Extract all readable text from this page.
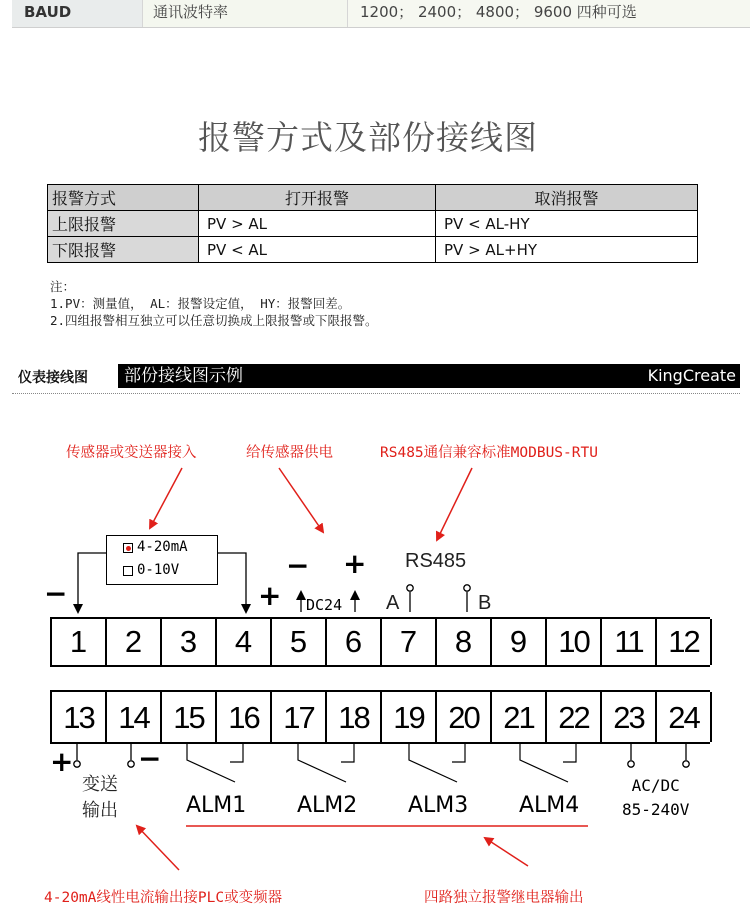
BAUD	通讯波特率	1200； 2400； 4800； 9600 四种可选
报警方式及部份接线图
报警方式	打开报警	取消报警
上限报警	PV > AL	PV < AL-HY
下限报警	PV < AL	PV > AL+HY
注：
1.PV：测量值， AL：报警设定值， HY：报警回差。
2.四组报警相互独立可以任意切换成上限报警或下限报警。
仪表接线图 部份接线图示例	KingCreate
传感器或变送器接入	给传感器供电	RS485通信兼容标准MODBUS-RTU
4-20mA
0-10V
−	+
− +
DC24
RS485
A	B
1	2	3	4	5	6	7	8	9	10 11 12
13 14 15 16 17 18 19 20 21 22 23 24
+ −
变送
输出	ALM1 ALM2 ALM3 ALM4
AC/DC
85-240V
4-20mA线性电流输出接PLC或变频器	四路独立报警继电器输出
